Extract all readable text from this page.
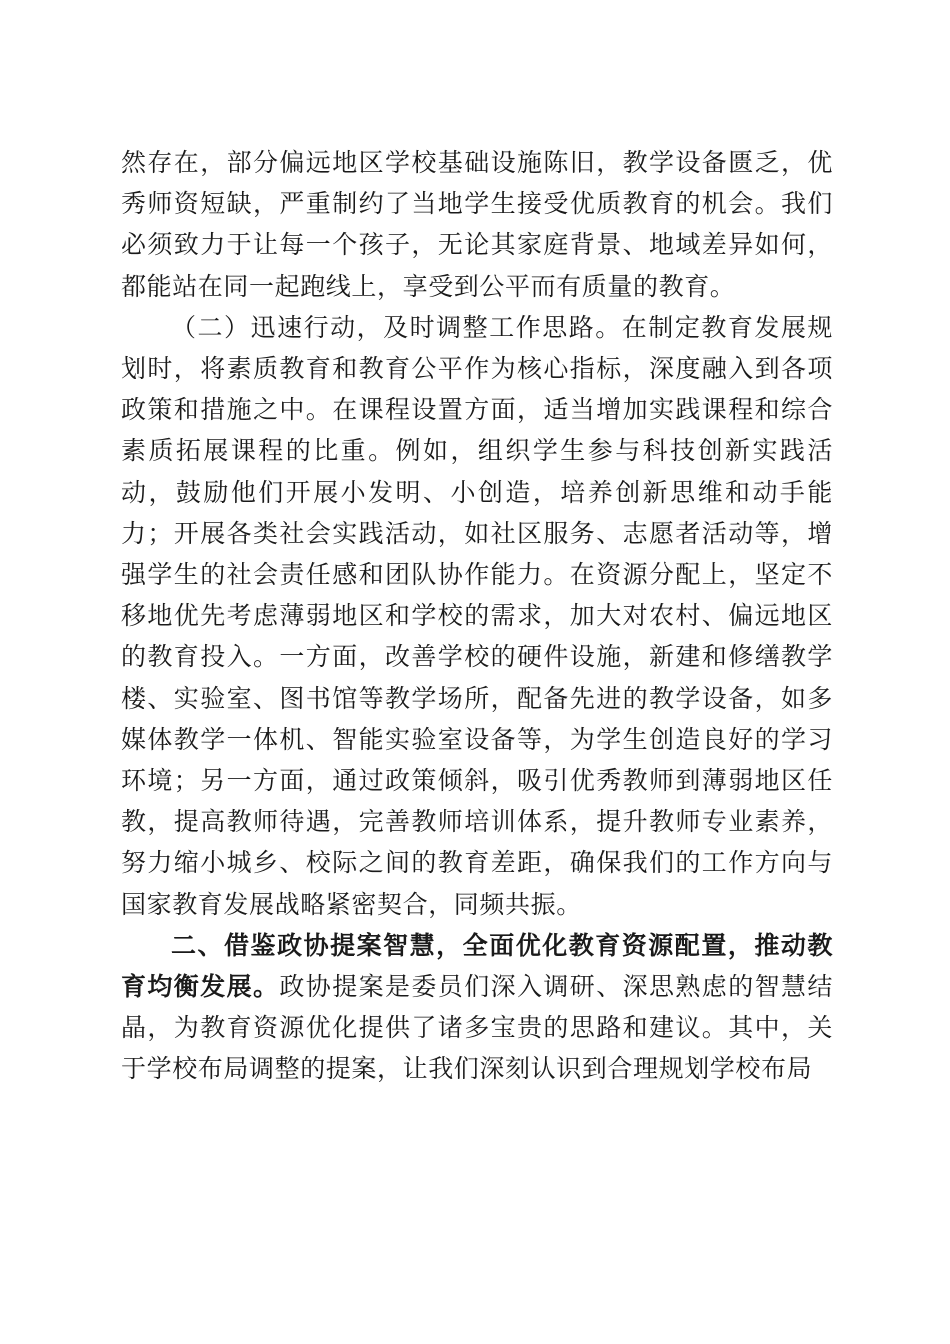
然存在，部分偏远地区学校基础设施陈旧，教学设备匮乏，优秀师资短缺，严重制约了当地学生接受优质教育的机会。我们必须致力于让每一个孩子，无论其家庭背景、地域差异如何，都能站在同一起跑线上，享受到公平而有质量的教育。

（二）迅速行动，及时调整工作思路。在制定教育发展规划时，将素质教育和教育公平作为核心指标，深度融入到各项政策和措施之中。在课程设置方面，适当增加实践课程和综合素质拓展课程的比重。例如，组织学生参与科技创新实践活动，鼓励他们开展小发明、小创造，培养创新思维和动手能力；开展各类社会实践活动，如社区服务、志愿者活动等，增强学生的社会责任感和团队协作能力。在资源分配上，坚定不移地优先考虑薄弱地区和学校的需求，加大对农村、偏远地区的教育投入。一方面，改善学校的硬件设施，新建和修缮教学楼、实验室、图书馆等教学场所，配备先进的教学设备，如多媒体教学一体机、智能实验室设备等，为学生创造良好的学习环境；另一方面，通过政策倾斜，吸引优秀教师到薄弱地区任教，提高教师待遇，完善教师培训体系，提升教师专业素养，努力缩小城乡、校际之间的教育差距，确保我们的工作方向与国家教育发展战略紧密契合，同频共振。

二、借鉴政协提案智慧，全面优化教育资源配置，推动教育均衡发展。政协提案是委员们深入调研、深思熟虑的智慧结晶，为教育资源优化提供了诸多宝贵的思路和建议。其中，关于学校布局调整的提案，让我们深刻认识到合理规划学校布局
